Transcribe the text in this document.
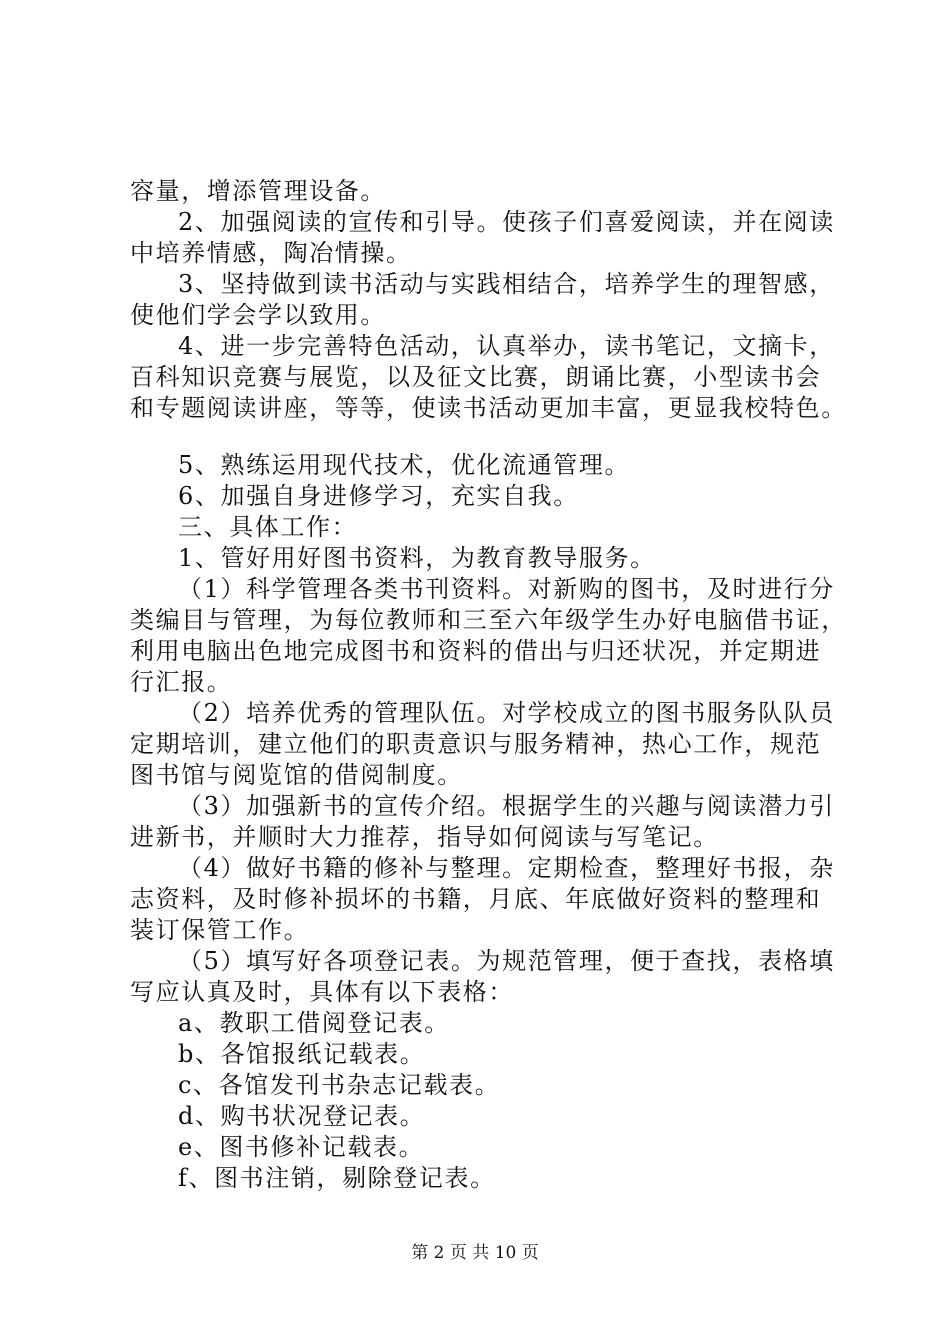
容量，增添管理设备。
2、加强阅读的宣传和引导。使孩子们喜爱阅读，并在阅读
中培养情感，陶冶情操。
3、坚持做到读书活动与实践相结合，培养学生的理智感，
使他们学会学以致用。
4、进一步完善特色活动，认真举办，读书笔记，文摘卡，
百科知识竞赛与展览，以及征文比赛，朗诵比赛，小型读书会
和专题阅读讲座，等等，使读书活动更加丰富，更显我校特色。
5、熟练运用现代技术，优化流通管理。
6、加强自身进修学习，充实自我。
三、具体工作：
1、管好用好图书资料，为教育教导服务。
（1）科学管理各类书刊资料。对新购的图书，及时进行分
类编目与管理，为每位教师和三至六年级学生办好电脑借书证，
利用电脑出色地完成图书和资料的借出与归还状况，并定期进
行汇报。
（2）培养优秀的管理队伍。对学校成立的图书服务队队员
定期培训，建立他们的职责意识与服务精神，热心工作，规范
图书馆与阅览馆的借阅制度。
（3）加强新书的宣传介绍。根据学生的兴趣与阅读潜力引
进新书，并顺时大力推荐，指导如何阅读与写笔记。
（4）做好书籍的修补与整理。定期检查，整理好书报，杂
志资料，及时修补损坏的书籍，月底、年底做好资料的整理和
装订保管工作。
（5）填写好各项登记表。为规范管理，便于查找，表格填
写应认真及时，具体有以下表格：
a、教职工借阅登记表。
b、各馆报纸记载表。
c、各馆发刊书杂志记载表。
d、购书状况登记表。
e、图书修补记载表。
f、图书注销，剔除登记表。
第 2 页 共 10 页
